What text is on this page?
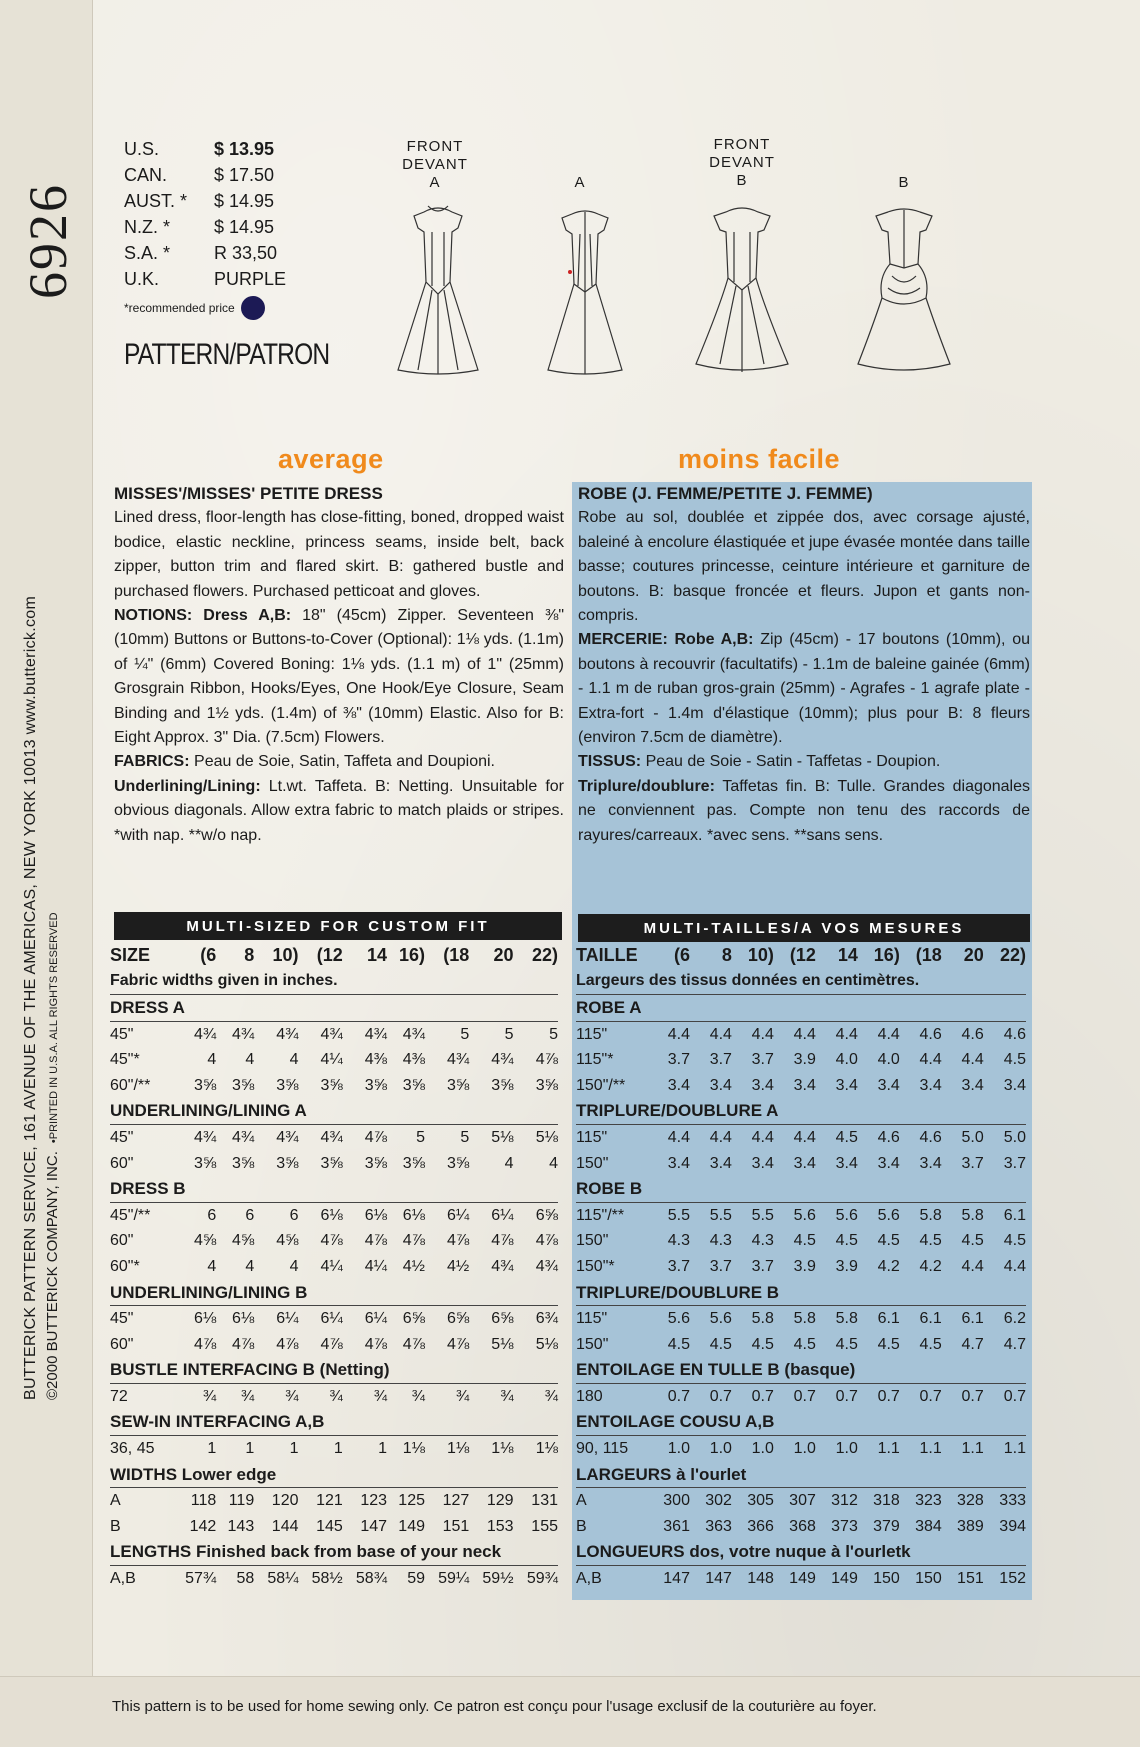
6926
BUTTERICK PATTERN SERVICE, 161 AVENUE OF THE AMERICAS, NEW YORK 10013 www.butterick.com ©2000 BUTTERICK COMPANY, INC.•PRINTED IN U.S.A. ALL RIGHTS RESERVED
U.S.	$ 13.95
CAN.	$ 17.50
AUST. *	$ 14.95
N.Z. *	$ 14.95
S.A. *	R 33,50
U.K.	PURPLE
*recommended price
PATTERN/PATRON
FRONT
DEVANT
A	A
FRONT
DEVANT
B	B
average	moins facile
MISSES'/MISSES' PETITE DRESS

Lined dress, floor-length has close-fitting, boned, dropped waist bodice, elastic neckline, princess seams, inside belt, back zipper, button trim and flared skirt. B: gathered bustle and purchased flowers. Purchased petticoat and gloves.

NOTIONS: Dress A,B: 18" (45cm) Zipper. Seventeen ⅜" (10mm) Buttons or Buttons-to-Cover (Optional): 1⅛ yds. (1.1m) of ¼" (6mm) Covered Boning: 1⅛ yds. (1.1 m) of 1" (25mm) Grosgrain Ribbon, Hooks/Eyes, One Hook/Eye Closure, Seam Binding and 1½ yds. (1.4m) of ⅜" (10mm) Elastic. Also for B: Eight Approx. 3" Dia. (7.5cm) Flowers.

FABRICS: Peau de Soie, Satin, Taffeta and Doupioni.

Underlining/Lining: Lt.wt. Taffeta. B: Netting. Unsuitable for obvious diagonals. Allow extra fabric to match plaids or stripes. *with nap. **w/o nap.

ROBE (J. FEMME/PETITE J. FEMME)

Robe au sol, doublée et zippée dos, avec corsage ajusté, baleiné à encolure élastiquée et jupe évasée montée dans taille basse; coutures princesse, ceinture intérieure et garniture de boutons. B: basque froncée et fleurs. Jupon et gants non-compris.

MERCERIE: Robe A,B: Zip (45cm) - 17 boutons (10mm), ou boutons à recouvrir (facultatifs) - 1.1m de baleine gainée (6mm) - 1.1 m de ruban gros-grain (25mm) - Agrafes - 1 agrafe plate - Extra-fort - 1.4m d'élastique (10mm); plus pour B: 8 fleurs (environ 7.5cm de diamètre).

TISSUS: Peau de Soie - Satin - Taffetas - Doupion.

Triplure/doublure: Taffetas fin. B: Tulle. Grandes diagonales ne conviennent pas. Compte non tenu des raccords de rayures/carreaux. *avec sens. **sans sens.

MULTI-SIZED FOR CUSTOM FIT	MULTI-TAILLES/A VOS MESURES
SIZE	(6	8	10)	(12	14	16)	(18	20	22)
Fabric widths given in inches.									
DRESS A									
45"	4¾	4¾	4¾	4¾	4¾	4¾	5	5	5
45"*	4	4	4	4¼	4⅜	4⅜	4¾	4¾	4⅞
60"/**	3⅝	3⅝	3⅝	3⅝	3⅝	3⅝	3⅝	3⅝	3⅝
UNDERLINING/LINING A									
45"	4¾	4¾	4¾	4¾	4⅞	5	5	5⅛	5⅛
60"	3⅝	3⅝	3⅝	3⅝	3⅝	3⅝	3⅝	4	4
DRESS B									
45"/**	6	6	6	6⅛	6⅛	6⅛	6¼	6¼	6⅝
60"	4⅝	4⅝	4⅝	4⅞	4⅞	4⅞	4⅞	4⅞	4⅞
60"*	4	4	4	4¼	4¼	4½	4½	4¾	4¾
UNDERLINING/LINING B									
45"	6⅛	6⅛	6¼	6¼	6¼	6⅝	6⅝	6⅝	6¾
60"	4⅞	4⅞	4⅞	4⅞	4⅞	4⅞	4⅞	5⅛	5⅛
BUSTLE INTERFACING B (Netting)									
72	¾	¾	¾	¾	¾	¾	¾	¾	¾
SEW-IN INTERFACING A,B									
36, 45	1	1	1	1	1	1⅛	1⅛	1⅛	1⅛
WIDTHS Lower edge									
A	118	119	120	121	123	125	127	129	131
B	142	143	144	145	147	149	151	153	155
LENGTHS Finished back from base of your neck									
A,B	57¾	58	58¼	58½	58¾	59	59¼	59½	59¾
TAILLE	(6	8	10)	(12	14	16)	(18	20	22)
Largeurs des tissus données en centimètres.									
ROBE A									
115"	4.4	4.4	4.4	4.4	4.4	4.4	4.6	4.6	4.6
115"*	3.7	3.7	3.7	3.9	4.0	4.0	4.4	4.4	4.5
150"/**	3.4	3.4	3.4	3.4	3.4	3.4	3.4	3.4	3.4
TRIPLURE/DOUBLURE A									
115"	4.4	4.4	4.4	4.4	4.5	4.6	4.6	5.0	5.0
150"	3.4	3.4	3.4	3.4	3.4	3.4	3.4	3.7	3.7
ROBE B									
115"/**	5.5	5.5	5.5	5.6	5.6	5.6	5.8	5.8	6.1
150"	4.3	4.3	4.3	4.5	4.5	4.5	4.5	4.5	4.5
150"*	3.7	3.7	3.7	3.9	3.9	4.2	4.2	4.4	4.4
TRIPLURE/DOUBLURE B									
115"	5.6	5.6	5.8	5.8	5.8	6.1	6.1	6.1	6.2
150"	4.5	4.5	4.5	4.5	4.5	4.5	4.5	4.7	4.7
ENTOILAGE EN TULLE B (basque)									
180	0.7	0.7	0.7	0.7	0.7	0.7	0.7	0.7	0.7
ENTOILAGE COUSU A,B									
90, 115	1.0	1.0	1.0	1.0	1.0	1.1	1.1	1.1	1.1
LARGEURS à l'ourlet									
A	300	302	305	307	312	318	323	328	333
B	361	363	366	368	373	379	384	389	394
LONGUEURS dos, votre nuque à l'ourletk									
A,B	147	147	148	149	149	150	150	151	152
This pattern is to be used for home sewing only. Ce patron est conçu pour l'usage exclusif de la couturière au foyer.
